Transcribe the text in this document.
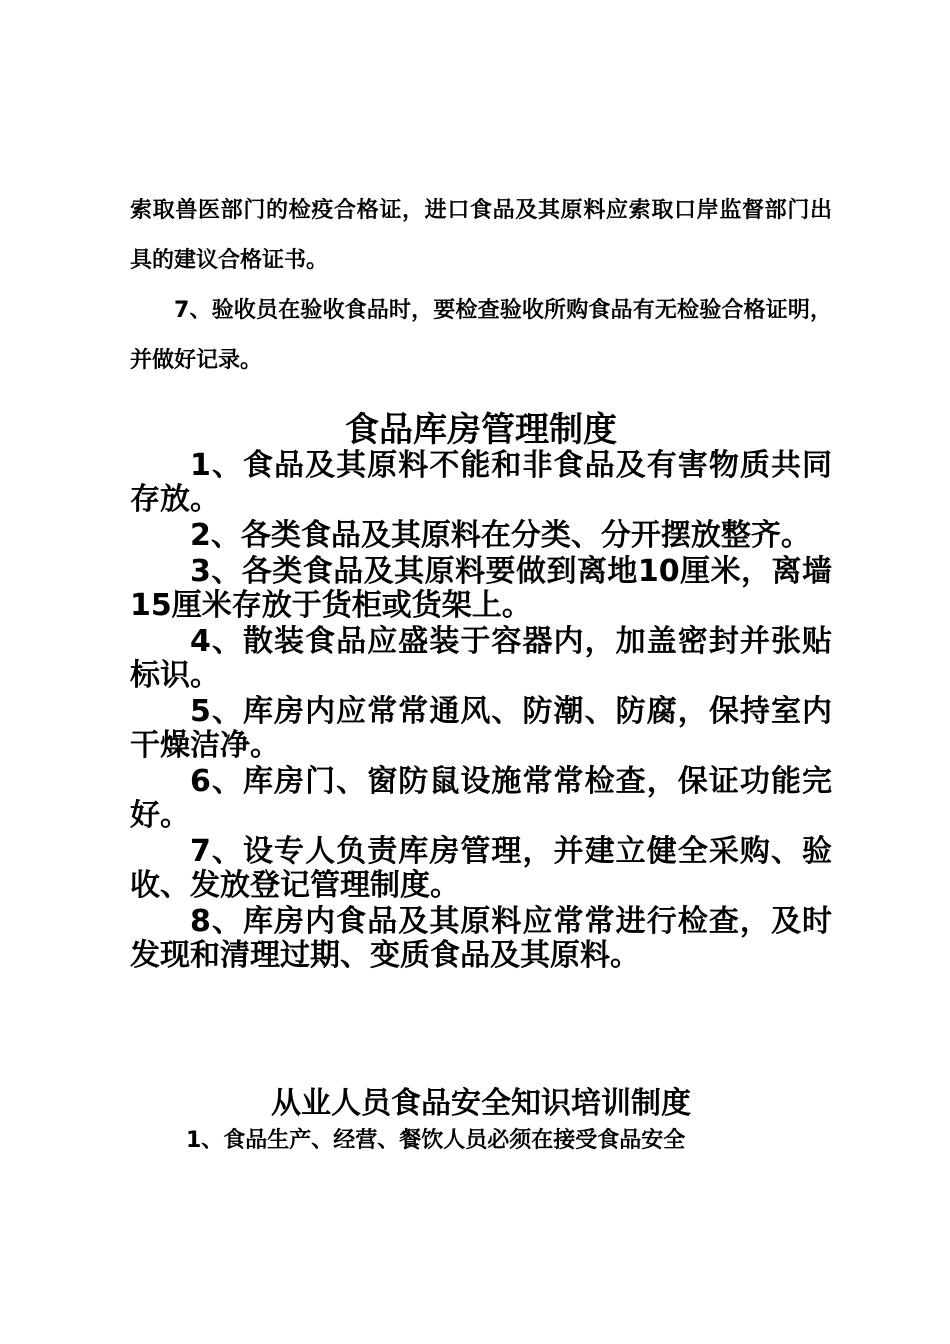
索取兽医部门的检疫合格证，进口食品及其原料应索取口岸监督部门出具的建议合格证书。

7、验收员在验收食品时，要检查验收所购食品有无检验合格证明，并做好记录。

食品库房管理制度

1、食品及其原料不能和非食品及有害物质共同存放。

2、各类食品及其原料在分类、分开摆放整齐。

3、各类食品及其原料要做到离地10厘米，离墙15厘米存放于货柜或货架上。

4、散装食品应盛装于容器内，加盖密封并张贴标识。

5、库房内应常常通风、防潮、防腐，保持室内干燥洁净。

6、库房门、窗防鼠设施常常检查，保证功能完好。

7、设专人负责库房管理，并建立健全采购、验收、发放登记管理制度。

8、库房内食品及其原料应常常进行检查，及时发现和清理过期、变质食品及其原料。

从业人员食品安全知识培训制度

1、食品生产、经营、餐饮人员必须在接受食品安全
